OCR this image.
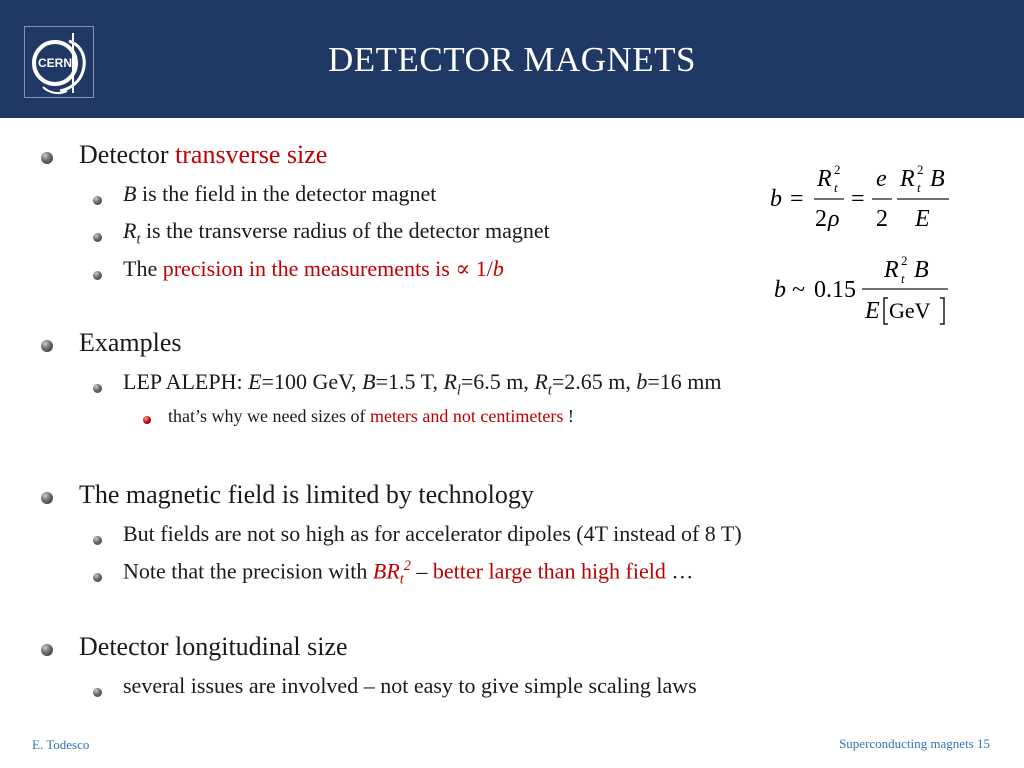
CERN	DETECTOR MAGNETS
Detector transverse size
B is the field in the detector magnet
$R_t$ is the transverse radius of the detector magnet
The precision in the measurements is ∝ 1/b
b =
R 2
t
2 ρ
=
e
2
R 2
t B
E
b ~ 0.15
R 2
t B
E GeV
Examples
LEP ALEPH: E=100 GeV, B=1.5 T, $R_l=6.5$ m, $R_t=2.65$ m, b=16 mm
that’s why we need sizes of meters and not centimeters !
The magnetic field is limited by technology
But fields are not so high as for accelerator dipoles (4T instead of 8 T)
Note that the precision with $BR_t^2$ – better large than high field …
Detector longitudinal size
several issues are involved – not easy to give simple scaling laws
E. Todesco	Superconducting magnets 15
